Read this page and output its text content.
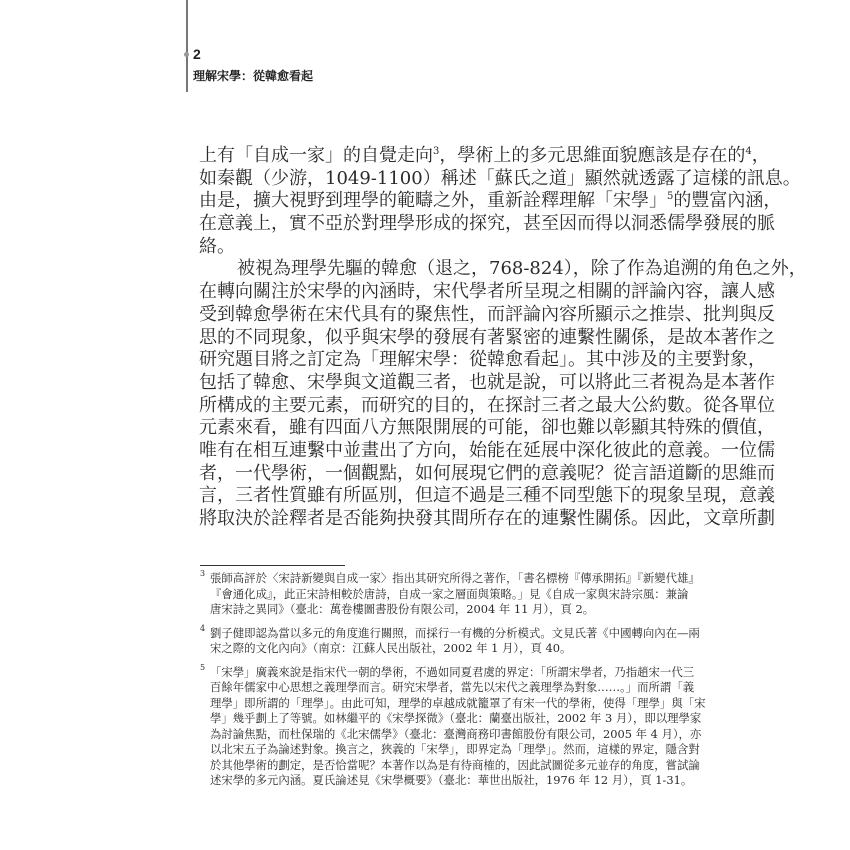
2
理解宋學：從韓愈看起
上有「自成一家」的自覺走向$^3$，學術上的多元思維面貌應該是存在的$^4$，
如秦觀（少游，1049-1100）稱述「蘇氏之道」顯然就透露了這樣的訊息。
由是，擴大視野到理學的範疇之外，重新詮釋理解「宋學」$^5$的豐富內涵，
在意義上，實不亞於對理學形成的探究，甚至因而得以洞悉儒學發展的脈
絡。
被視為理學先驅的韓愈（退之，768-824），除了作為追溯的角色之外，
在轉向關注於宋學的內涵時，宋代學者所呈現之相關的評論內容，讓人感
受到韓愈學術在宋代具有的聚焦性，而評論內容所顯示之推崇、批判與反
思的不同現象，似乎與宋學的發展有著緊密的連繫性關係，是故本著作之
研究題目將之訂定為「理解宋學：從韓愈看起」。其中涉及的主要對象，
包括了韓愈、宋學與文道觀三者，也就是說，可以將此三者視為是本著作
所構成的主要元素，而研究的目的，在探討三者之最大公約數。從各單位
元素來看，雖有四面八方無限開展的可能，卻也難以彰顯其特殊的價值，
唯有在相互連繫中並畫出了方向，始能在延展中深化彼此的意義。一位儒
者，一代學術，一個觀點，如何展現它們的意義呢？從言語道斷的思維而
言，三者性質雖有所區別，但這不過是三種不同型態下的現象呈現，意義
將取決於詮釋者是否能夠抉發其間所存在的連繫性關係。因此，文章所劃
3 張師高評於〈宋詩新變與自成一家〉指出其研究所得之著作，「書名標榜『傳承開拓』『新變代雄』
『會通化成』，此正宋詩相較於唐詩，自成一家之層面與策略。」見《自成一家與宋詩宗風：兼論
唐宋詩之異同》（臺北：萬卷樓圖書股份有限公司，2004 年 11 月），頁 2。
4 劉子健即認為當以多元的角度進行關照，而採行一有機的分析模式。文見氏著《中國轉向內在—兩
宋之際的文化內向》（南京：江蘇人民出版社，2002 年 1 月），頁 40。
5 「宋學」廣義來說是指宋代一朝的學術，不過如同夏君虞的界定：「所謂宋學者，乃指趙宋一代三
百餘年儒家中心思想之義理學而言。研究宋學者，當先以宋代之義理學為對象……。」而所謂「義
理學」即所謂的「理學」。由此可知，理學的卓越成就籠罩了有宋一代的學術，使得「理學」與「宋
學」幾乎劃上了等號。如林繼平的《宋學探微》（臺北：蘭臺出版社，2002 年 3 月），即以理學家
為討論焦點，而杜保瑞的《北宋儒學》（臺北：臺灣商務印書館股份有限公司，2005 年 4 月），亦
以北宋五子為論述對象。換言之，狹義的「宋學」，即界定為「理學」。然而，這樣的界定，隱含對
於其他學術的劃定，是否恰當呢？本著作以為是有待商榷的，因此試圖從多元並存的角度，嘗試論
述宋學的多元內涵。夏氏論述見《宋學概要》（臺北：華世出版社，1976 年 12 月），頁 1-31。
